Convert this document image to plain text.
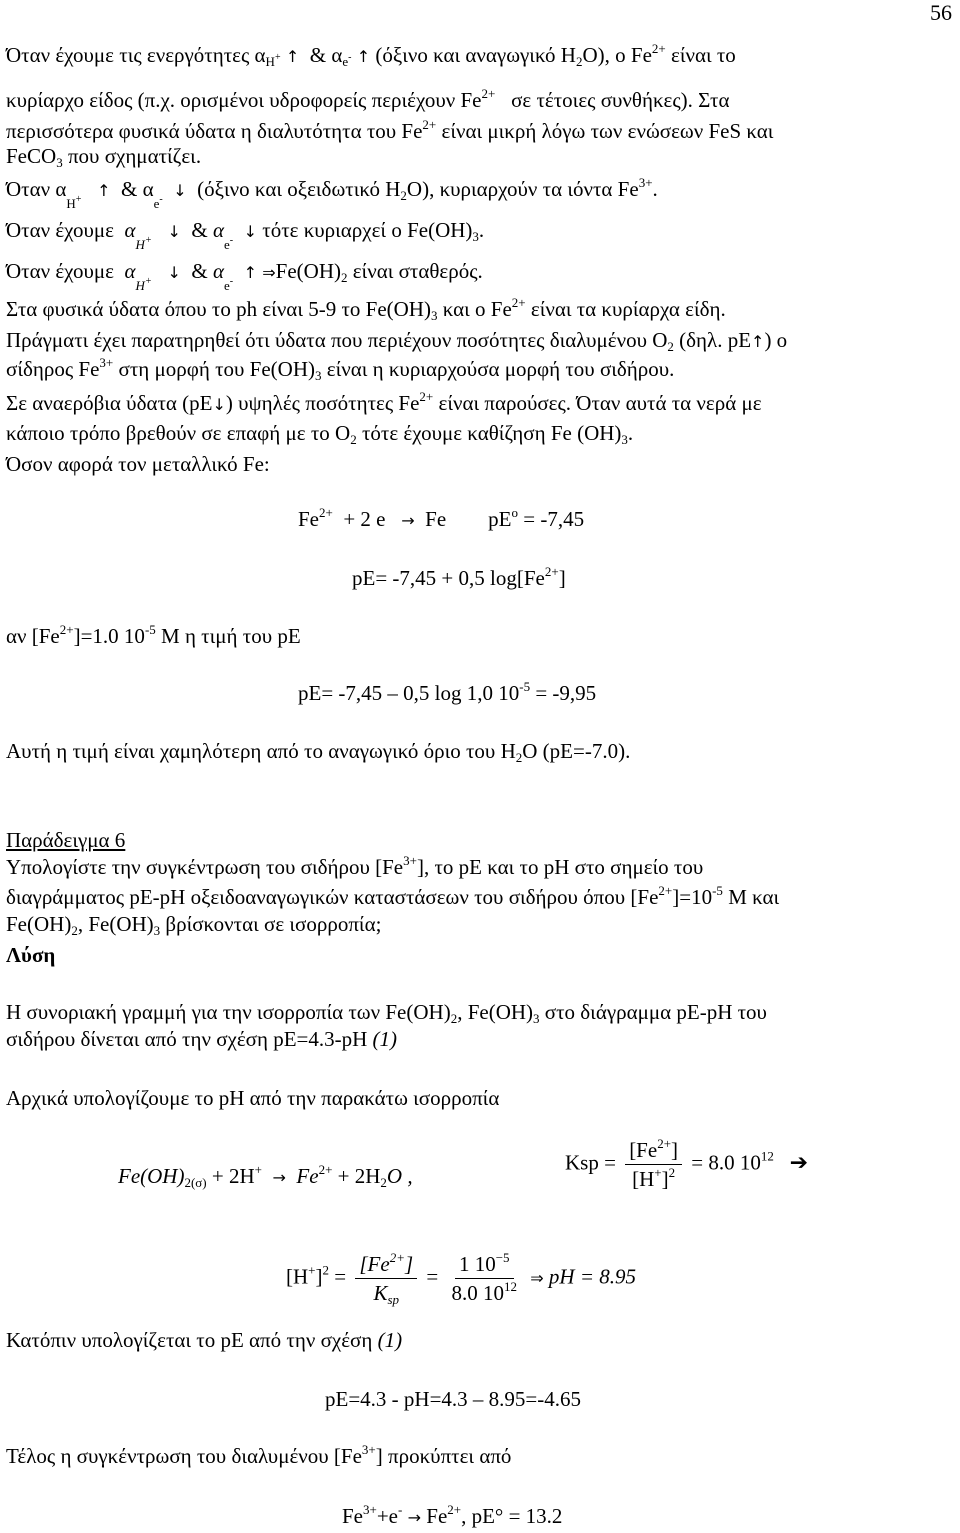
56
Όταν έχουμε τις ενεργότητες $\alpha_{H^+}$ ↑  & $\alpha_{e^-}$ ↑ (όξινο και αναγωγικό $H_2O$), ο $Fe^{2+}$ είναι το
κυρίαρχο είδος (π.χ. ορισμένοι υδροφορείς περιέχουν $Fe^{2+}$ σε τέτοιες συνθήκες). Στα
περισσότερα φυσικά ύδατα η διαλυτότητα του $Fe^{2+}$ είναι μικρή λόγω των ενώσεων FeS και
FeCO$_3$ που σχηματίζει.
Όταν $\alpha_{H^+}$ ↑  & $\alpha_{e^-}$ ↓ (όξινο και οξειδωτικό $H_2O$), κυριαρχούν τα ιόντα $Fe^{3+}$.
Όταν έχουμε $\alpha_{H^+}$ ↓  & $\alpha_{e^-}$ ↓ τότε κυριαρχεί ο $Fe(OH)_3$.
Όταν έχουμε $\alpha_{H^+}$ ↓  & $\alpha_{e^-}$ ↑ $\Rightarrow Fe(OH)_2$ είναι σταθερός.
Στα φυσικά ύδατα όπου το ph είναι 5-9 το $Fe(OH)_3$ και ο $Fe^{2+}$ είναι τα κυρίαρχα είδη.
Πράγματι έχει παρατηρηθεί ότι ύδατα που περιέχουν ποσότητες διαλυμένου $O_2$ (δηλ. pE↑) ο
σίδηρος $Fe^{3+}$ στη μορφή του $Fe(OH)_3$ είναι η κυριαρχούσα μορφή του σιδήρου.
Σε αναερόβια ύδατα (pE↓) υψηλές ποσότητες $Fe^{2+}$ είναι παρούσες. Όταν αυτά τα νερά με
κάποιο τρόπο βρεθούν σε επαφή με το $O_2$ τότε έχουμε καθίζηση Fe $(OH)_3$.
Όσον αφορά τον μεταλλικό Fe:
$Fe^{2+} + 2$ e → Fe $pE^o = -7,45$
pE= -7,45 + 0,5 $\log[Fe^{2+}]$
αν $[Fe^{2+}]=1.0$ $10^{-5}$ M η τιμή του pE
pE= -7,45 – 0,5 log 1,0 $10^{-5} = -9,95$
Αυτή η τιμή είναι χαμηλότερη από το αναγωγικό όριο του $H_2O$ (pE=-7.0).
Παράδειγμα 6
Υπολογίστε την συγκέντρωση του σιδήρου $[Fe^{3+}]$, το pE και το pH στο σημείο του
διαγράμματος pE-pH οξειδοαναγωγικών καταστάσεων του σιδήρου όπου $[Fe^{2+}]=10^{-5}$ M και
$Fe(OH)_2$, $Fe(OH)_3$ βρίσκονται σε ισορροπία;
Λύση
Η συνοριακή γραμμή για την ισορροπία των $Fe(OH)_2$, $Fe(OH)_3$ στο διάγραμμα pE-pH του
σιδήρου δίνεται από την σχέση pE=4.3-pH (1)
Αρχικά υπολογίζουμε το pH από την παρακάτω ισορροπία
$Fe(OH)_{2(\sigma)} + 2H^+ \to Fe^{2+} + 2H_2O$ ,
Ksp = $\frac{[Fe^{2+}]}{[H^+]^2} = 8.0$ $10^{12}$ ➔
$[H^+]^2 = \frac{[Fe^{2+}]}{K_{sp}} = \frac{1 10^{-5}}{8.0 10^{12}}$ ⇒ pH = 8.95
Κατόπιν υπολογίζεται το pE από την σχέση (1)
pE=4.3 - pH=4.3 – 8.95=-4.65
Τέλος η συγκέντρωση του διαλυμένου $[Fe^{3+}]$ προκύπτει από
$Fe^{3+}+e^- \to Fe^{2+}$, pE° = 13.2
